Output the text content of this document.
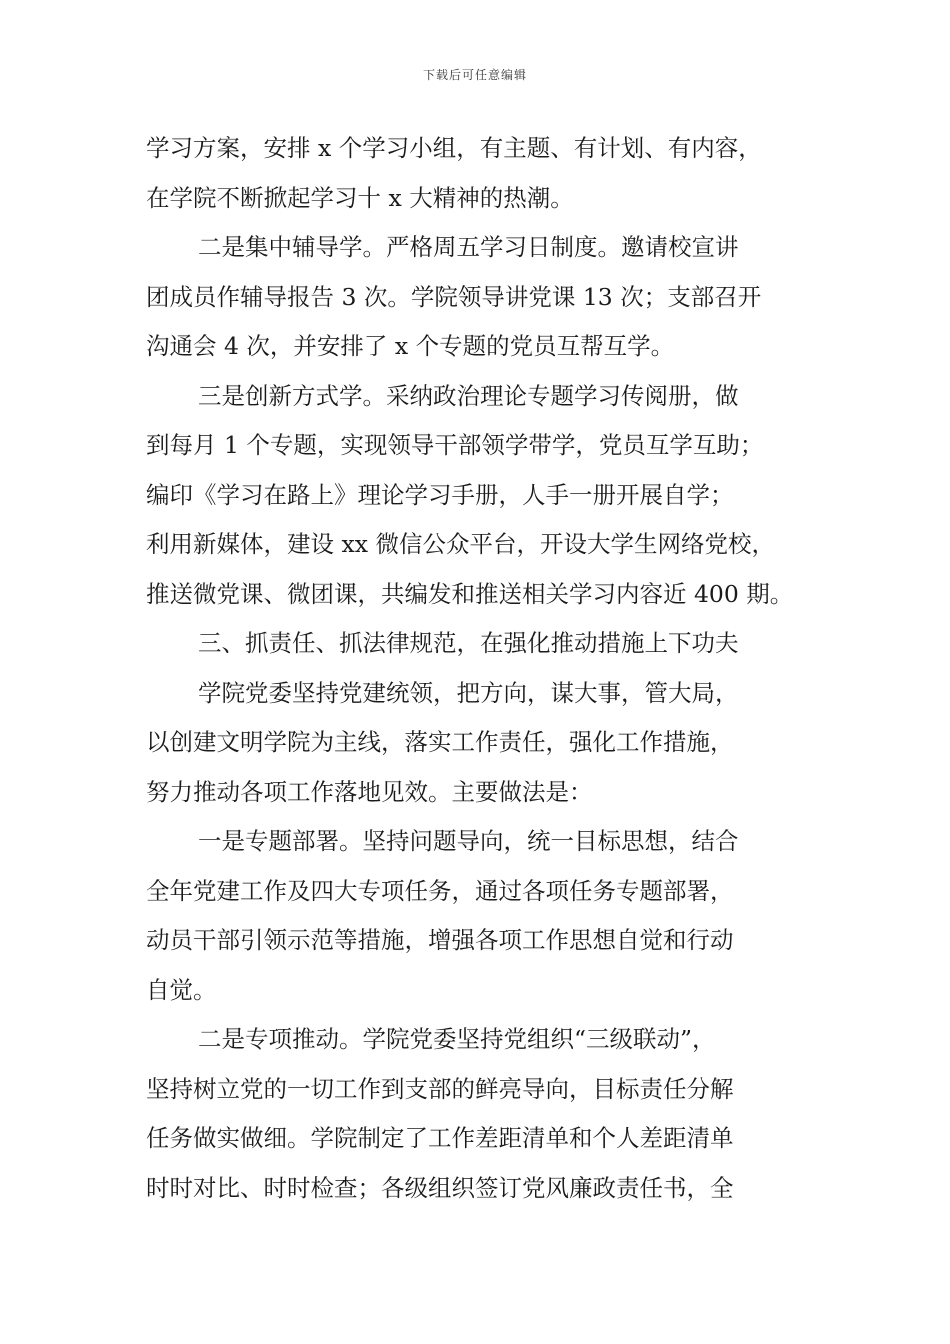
下载后可任意编辑
学习方案，安排 x 个学习小组，有主题、有计划、有内容，
在学院不断掀起学习十 x 大精神的热潮。
二是集中辅导学。严格周五学习日制度。邀请校宣讲
团成员作辅导报告 3 次。学院领导讲党课 13 次；支部召开
沟通会 4 次，并安排了 x 个专题的党员互帮互学。
三是创新方式学。采纳政治理论专题学习传阅册，做
到每月 1 个专题，实现领导干部领学带学，党员互学互助；
编印《学习在路上》理论学习手册，人手一册开展自学；
利用新媒体，建设 xx 微信公众平台，开设大学生网络党校，
推送微党课、微团课，共编发和推送相关学习内容近 400 期。
三、抓责任、抓法律规范，在强化推动措施上下功夫
学院党委坚持党建统领，把方向，谋大事，管大局，
以创建文明学院为主线，落实工作责任，强化工作措施，
努力推动各项工作落地见效。主要做法是：
一是专题部署。坚持问题导向，统一目标思想，结合
全年党建工作及四大专项任务，通过各项任务专题部署，
动员干部引领示范等措施，增强各项工作思想自觉和行动
自觉。
二是专项推动。学院党委坚持党组织“三级联动”，
坚持树立党的一切工作到支部的鲜亮导向，目标责任分解
任务做实做细。学院制定了工作差距清单和个人差距清单
时时对比、时时检查；各级组织签订党风廉政责任书，全
